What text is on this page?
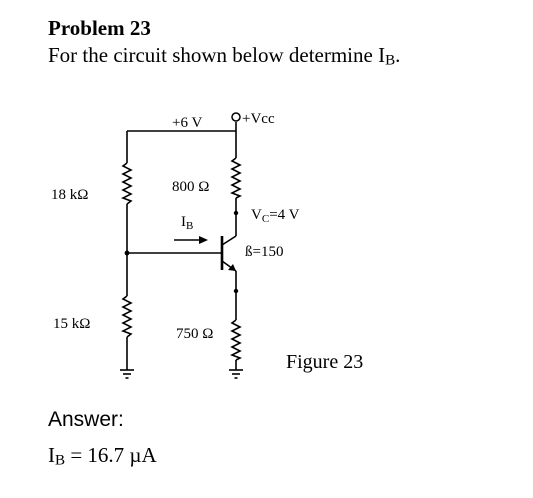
Problem 23
For the circuit shown below determine $I_B$.
+6 V	+Vcc
18 kΩ	800 Ω
$I_B$
$V_C=4$ V
ß=150
15 kΩ
750 Ω
Figure 23
Answer:
$I_B = 16.7$ µA
